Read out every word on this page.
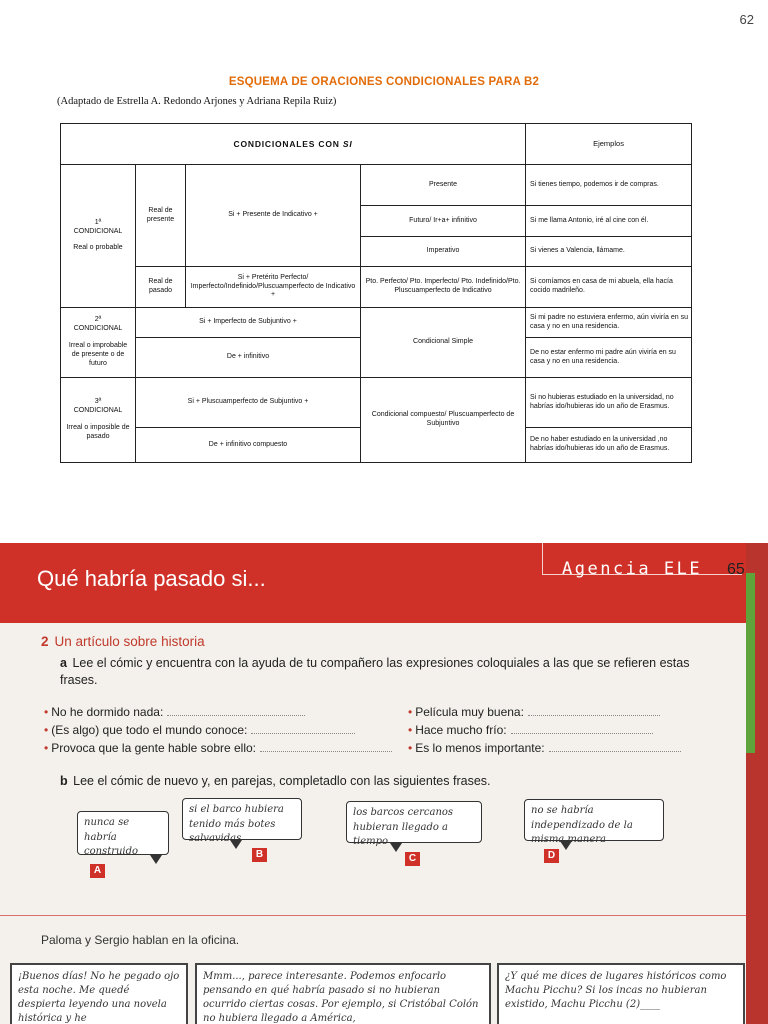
62
ESQUEMA DE ORACIONES CONDICIONALES PARA B2
(Adaptado de Estrella A. Redondo Arjones y Adriana Repila Ruiz)
CONDICIONALES CON SI				Ejemplos

1ª
CONDICIONAL
Real o probable	Real de presente	Si + Presente de Indicativo +	Presente	Si tienes tiempo, podemos ir de compras.
			Futuro/ Ir+a+ infinitivo	Si me llama Antonio, iré al cine con él.
			Imperativo	Si vienes a Valencia, llámame.
	Real de pasado	Si + Pretérito Perfecto/ Imperfecto/Indefinido/Pluscuamperfecto de Indicativo +	Pto. Perfecto/ Pto. Imperfecto/ Pto. Indefinido/Pto. Pluscuamperfecto de Indicativo	Si comíamos en casa de mi abuela, ella hacía cocido madrileño.

2ª
CONDICIONAL
Irreal o improbable de presente o de futuro	Si + Imperfecto de Subjuntivo +		Condicional Simple	Si mi padre no estuviera enfermo, aún viviría en su casa y no en una residencia.
	De + infinitivo			De no estar enfermo mi padre aún viviría en su casa y no en una residencia.

3ª
CONDICIONAL
Irreal o imposible de pasado	Si + Pluscuamperfecto de Subjuntivo +		Condicional compuesto/ Pluscuamperfecto de Subjuntivo	Si no hubieras estudiado en la universidad, no habrías ido/hubieras ido un año de Erasmus.
	De + infinitivo compuesto			De no haber estudiado en la universidad ,no habrías ido/hubieras ido un año de Erasmus.
Qué habría pasado si...	Agencia ELE 65
2 Un artículo sobre historia
a Lee el cómic y encuentra con la ayuda de tu compañero las expresiones coloquiales a las que se refieren estas frases.
• No he dormido nada:
• (Es algo) que todo el mundo conoce:
• Provoca que la gente hable sobre ello:
• Película muy buena:
• Hace mucho frío:
• Es lo menos importante:
b Lee el cómic de nuevo y, en parejas, completadlo con las siguientes frases.
nunca se habría construido
A
si el barco hubiera tenido más botes salvavidas
B
los barcos cercanos hubieran llegado a tiempo
C
no se habría independizado de la misma manera
D
Paloma y Sergio hablan en la oficina.
¡Buenos días! No he pegado ojo esta noche. Me quedé despierta leyendo una novela histórica y he
Mmm..., parece interesante. Podemos enfocarlo pensando en qué habría pasado si no hubieran ocurrido ciertas cosas. Por ejemplo, si Cristóbal Colón no hubiera llegado a América,
¿Y qué me dices de lugares históricos como Machu Picchu? Si los incas no hubieran existido, Machu Picchu (2)____
